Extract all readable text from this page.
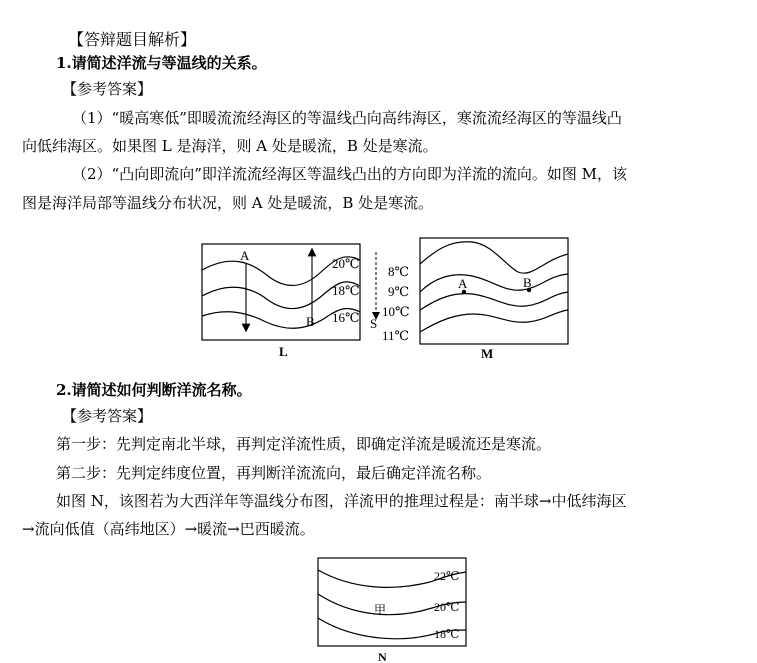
【答辩题目解析】
1.请简述洋流与等温线的关系。
【参考答案】
（1）“暖高寒低”即暖流流经海区的等温线凸向高纬海区，寒流流经海区的等温线凸
向低纬海区。如果图 L 是海洋，则 A 处是暖流，B 处是寒流。
（2）“凸向即流向”即洋流流经海区等温线凸出的方向即为洋流的流向。如图 M，该
图是海洋局部等温线分布状况，则 A 处是暖流，B 处是寒流。
A
B
20℃
18℃
16℃ S
L
A	B
8℃
9℃
10℃
11℃
M
2.请简述如何判断洋流名称。
【参考答案】
第一步：先判定南北半球，再判定洋流性质，即确定洋流是暖流还是寒流。
第二步：先判定纬度位置，再判断洋流流向，最后确定洋流名称。
如图 N，该图若为大西洋年等温线分布图，洋流甲的推理过程是：南半球→中低纬海区
→流向低值（高纬地区）→暖流→巴西暖流。
甲
22℃
20℃
18℃
N
